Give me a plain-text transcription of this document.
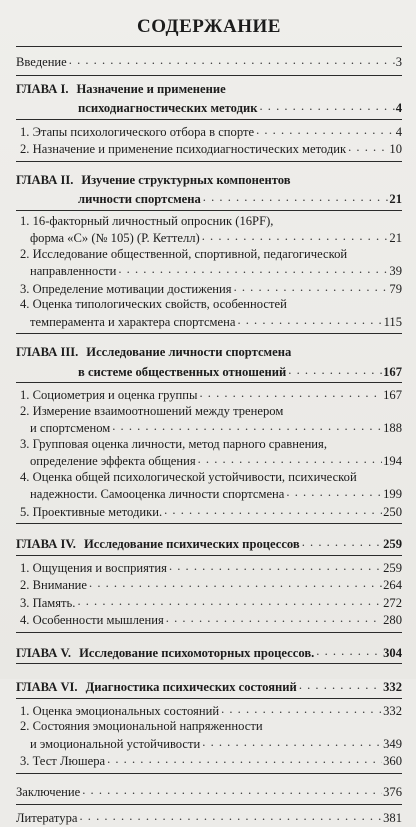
СОДЕРЖАНИЕ
Введение . . .	3
ГЛАВА I. Назначение и применение
психодиагностических методик . . .	4
1. Этапы психологического отбора в спорте . . .	4
2. Назначение и применение психодиагностических методик . . .	10
ГЛАВА II. Изучение структурных компонентов
личности спортсмена . . .	21
1. 16-факторный личностный опросник (16PF),
форма «С» (№ 105) (Р. Кеттелл) . . .	21
2. Исследование общественной, спортивной, педагогической
направленности . . .	39
3. Определение мотивации достижения . . .	79
4. Оценка типологических свойств, особенностей
темперамента и характера спортсмена . . .	115
ГЛАВА III. Исследование личности спортсмена
в системе общественных отношений . . .	167
1. Социометрия и оценка группы . . .	167
2. Измерение взаимоотношений между тренером
и спортсменом . . .	188
3. Групповая оценка личности, метод парного сравнения,
определение эффекта общения . . .	194
4. Оценка общей психологической устойчивости, психической
надежности. Самооценка личности спортсмена . . .	199
5. Проективные методики. . . .	250
ГЛАВА IV. Исследование психических процессов . . .	259
1. Ощущения и восприятия . . .	259
2. Внимание . . .	264
3. Память. . . .	272
4. Особенности мышления . . .	280
ГЛАВА V. Исследование психомоторных процессов. . . .	304
ГЛАВА VI. Диагностика психических состояний . . .	332
1. Оценка эмоциональных состояний . . .	332
2. Состояния эмоциональной напряженности
и эмоциональной устойчивости . . .	349
3. Тест Люшера . . .	360
Заключение . . .	376
Литература . . .	381
